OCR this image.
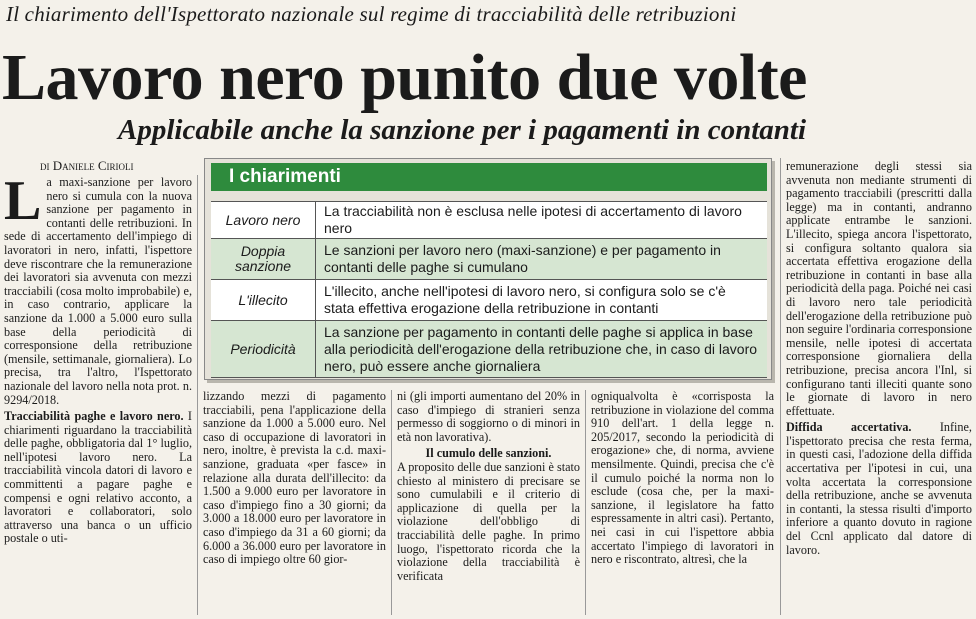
Il chiarimento dell'Ispettorato nazionale sul regime di tracciabilità delle retribuzioni
Lavoro nero punito due volte
Applicabile anche la sanzione per i pagamenti in contanti
di Daniele Cirioli

La maxi-sanzione per lavoro nero si cumula con la nuova sanzione per pagamento in contanti delle retribuzioni. In sede di accertamento dell'impiego di lavoratori in nero, infatti, l'ispettore deve riscontrare che la remunerazione dei lavoratori sia avvenuta con mezzi tracciabili (cosa molto improbabile) e, in caso contrario, applicare la sanzione da 1.000 a 5.000 euro sulla base della periodicità di corresponsione della retribuzione (mensile, settimanale, giornaliera). Lo precisa, tra l'altro, l'Ispettorato nazionale del lavoro nella nota prot. n. 9294/2018.

Tracciabilità paghe e lavoro nero. I chiarimenti riguardano la tracciabilità delle paghe, obbligatoria dal 1° luglio, nell'ipotesi lavoro nero. La tracciabilità vincola datori di lavoro e committenti a pagare paghe e compensi e ogni relativo acconto, a lavoratori e collaboratori, solo attraverso una banca o un ufficio postale o uti-

I chiarimenti
Lavoro nero
La tracciabilità non è esclusa nelle ipotesi di accertamento di lavoro nero
Doppia sanzione
Le sanzioni per lavoro nero (maxi-sanzione) e per pagamento in contanti delle paghe si cumulano
L'illecito
L'illecito, anche nell'ipotesi di lavoro nero, si configura solo se c'è stata effettiva erogazione della retribuzione in contanti
Periodicità
La sanzione per pagamento in contanti delle paghe si applica in base alla periodicità dell'erogazione della retribuzione che, in caso di lavoro nero, può essere anche giornaliera

lizzando mezzi di pagamento tracciabili, pena l'applicazione della sanzione da 1.000 a 5.000 euro. Nel caso di occupazione di lavoratori in nero, inoltre, è prevista la c.d. maxi-sanzione, graduata «per fasce» in relazione alla durata dell'illecito: da 1.500 a 9.000 euro per lavoratore in caso d'impiego fino a 30 giorni; da 3.000 a 18.000 euro per lavoratore in caso d'impiego da 31 a 60 giorni; da 6.000 a 36.000 euro per lavoratore in caso di impiego oltre 60 gior-

ni (gli importi aumentano del 20% in caso d'impiego di stranieri senza permesso di soggiorno o di minori in età non lavorativa).

Il cumulo delle sanzioni.

A proposito delle due sanzioni è stato chiesto al ministero di precisare se sono cumulabili e il criterio di applicazione di quella per la violazione dell'obbligo di tracciabilità delle paghe. In primo luogo, l'ispettorato ricorda che la violazione della tracciabilità è verificata

ogniqualvolta è «corrisposta la retribuzione in violazione del comma 910 dell'art. 1 della legge n. 205/2017, secondo la periodicità di erogazione» che, di norma, avviene mensilmente. Quindi, precisa che c'è il cumulo poiché la norma non lo esclude (cosa che, per la maxi-sanzione, il legislatore ha fatto espressamente in altri casi). Pertanto, nei casi in cui l'ispettore abbia accertato l'impiego di lavoratori in nero e riscontrato, altresì, che la

remunerazione degli stessi sia avvenuta non mediante strumenti di pagamento tracciabili (prescritti dalla legge) ma in contanti, andranno applicate entrambe le sanzioni. L'illecito, spiega ancora l'ispettorato, si configura soltanto qualora sia accertata effettiva erogazione della retribuzione in contanti in base alla periodicità della paga. Poiché nei casi di lavoro nero tale periodicità dell'erogazione della retribuzione può non seguire l'ordinaria corresponsione mensile, nelle ipotesi di accertata corresponsione giornaliera della retribuzione, precisa ancora l'Inl, si configurano tanti illeciti quante sono le giornate di lavoro in nero effettuate.

Diffida accertativa. Infine, l'ispettorato precisa che resta ferma, in questi casi, l'adozione della diffida accertativa per l'ipotesi in cui, una volta accertata la corresponsione della retribuzione, anche se avvenuta in contanti, la stessa risulti d'importo inferiore a quanto dovuto in ragione del Ccnl applicato dal datore di lavoro.
